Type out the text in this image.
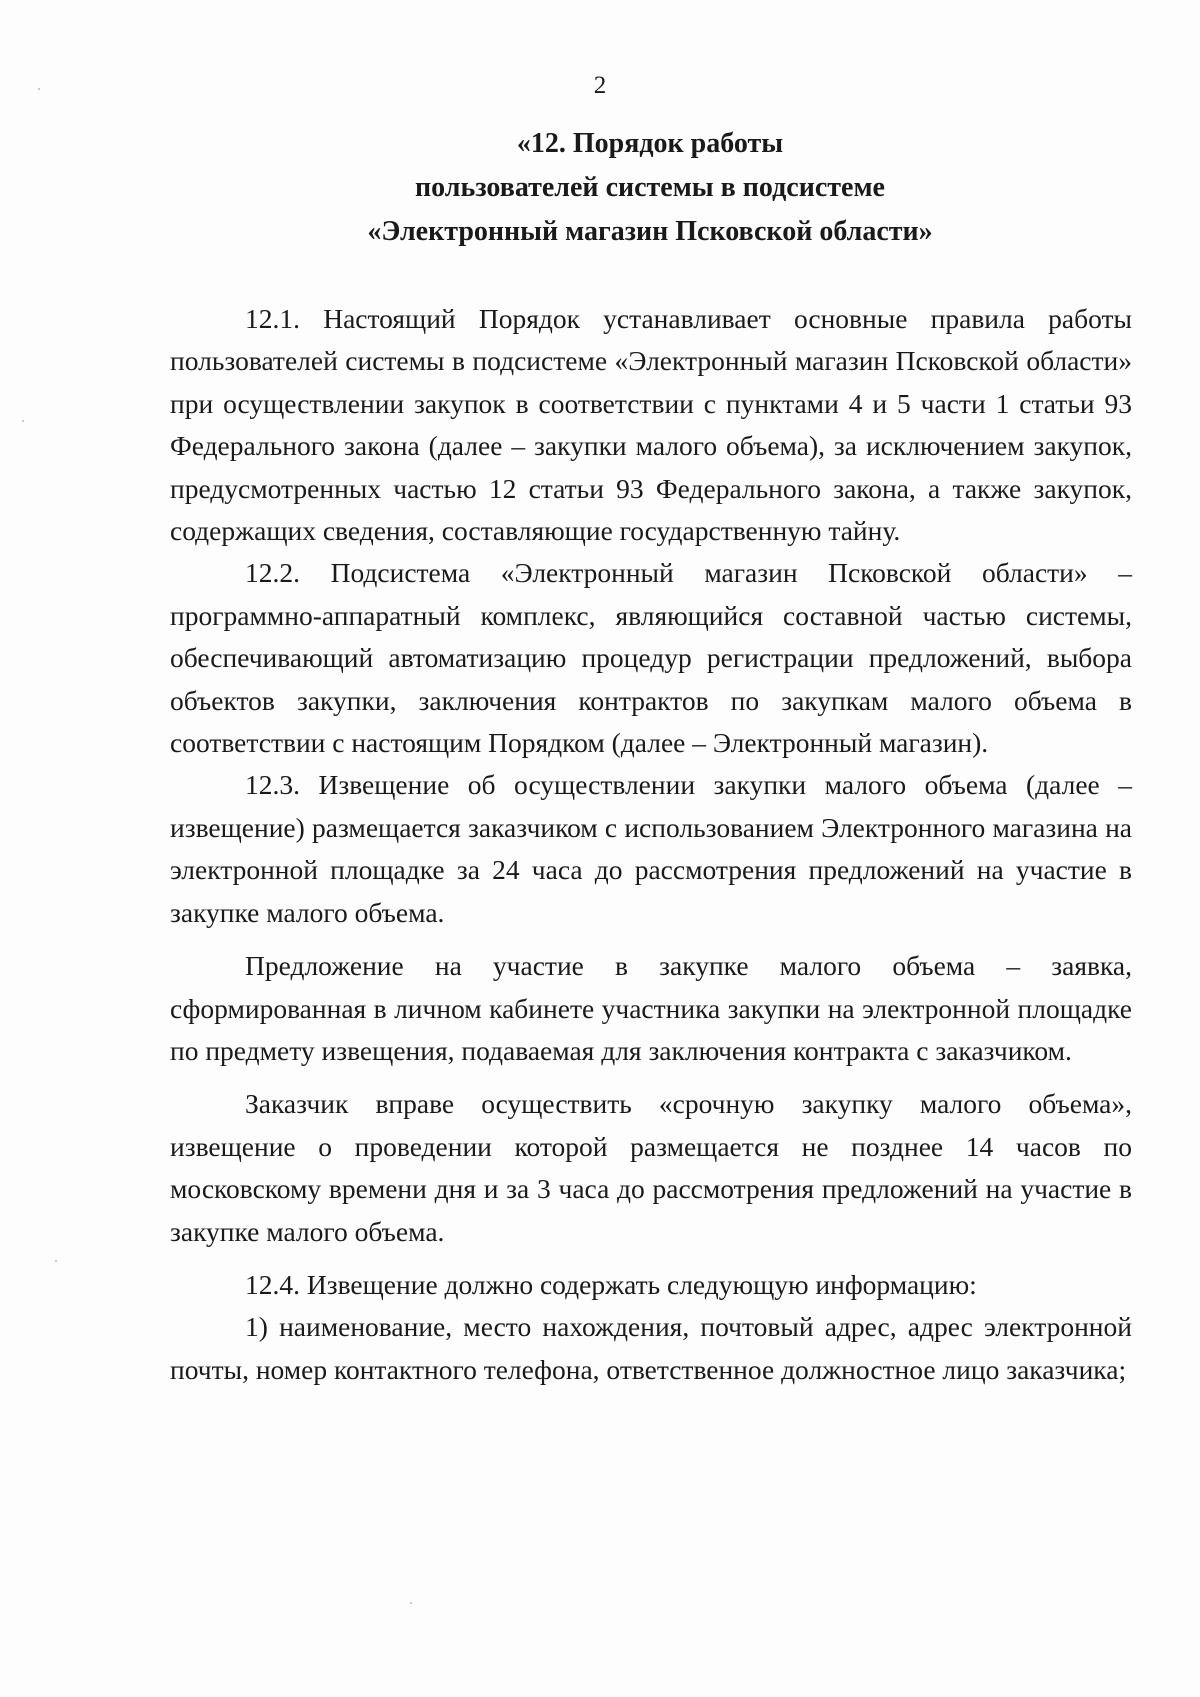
2
«12. Порядок работы
пользователей системы в подсистеме
«Электронный магазин Псковской области»

12.1. Настоящий Порядок устанавливает основные правила работы пользователей системы в подсистеме «Электронный магазин Псковской области» при осуществлении закупок в соответствии с пунктами 4 и 5 части 1 статьи 93 Федерального закона (далее – закупки малого объема), за исключением закупок, предусмотренных частью 12 статьи 93 Федерального закона, а также закупок, содержащих сведения, составляющие государственную тайну.

12.2. Подсистема «Электронный магазин Псковской области» – программно-аппаратный комплекс, являющийся составной частью системы, обеспечивающий автоматизацию процедур регистрации предложений, выбора объектов закупки, заключения контрактов по закупкам малого объема в соответствии с настоящим Порядком (далее – Электронный магазин).

12.3. Извещение об осуществлении закупки малого объема (далее – извещение) размещается заказчиком с использованием Электронного магазина на электронной площадке за 24 часа до рассмотрения предложений на участие в закупке малого объема.

Предложение на участие в закупке малого объема – заявка, сформированная в личном кабинете участника закупки на электронной площадке по предмету извещения, подаваемая для заключения контракта с заказчиком.

Заказчик вправе осуществить «срочную закупку малого объема», извещение о проведении которой размещается не позднее 14 часов по московскому времени дня и за 3 часа до рассмотрения предложений на участие в закупке малого объема.

12.4. Извещение должно содержать следующую информацию:

1) наименование, место нахождения, почтовый адрес, адрес электронной почты, номер контактного телефона, ответственное должностное лицо заказчика;
